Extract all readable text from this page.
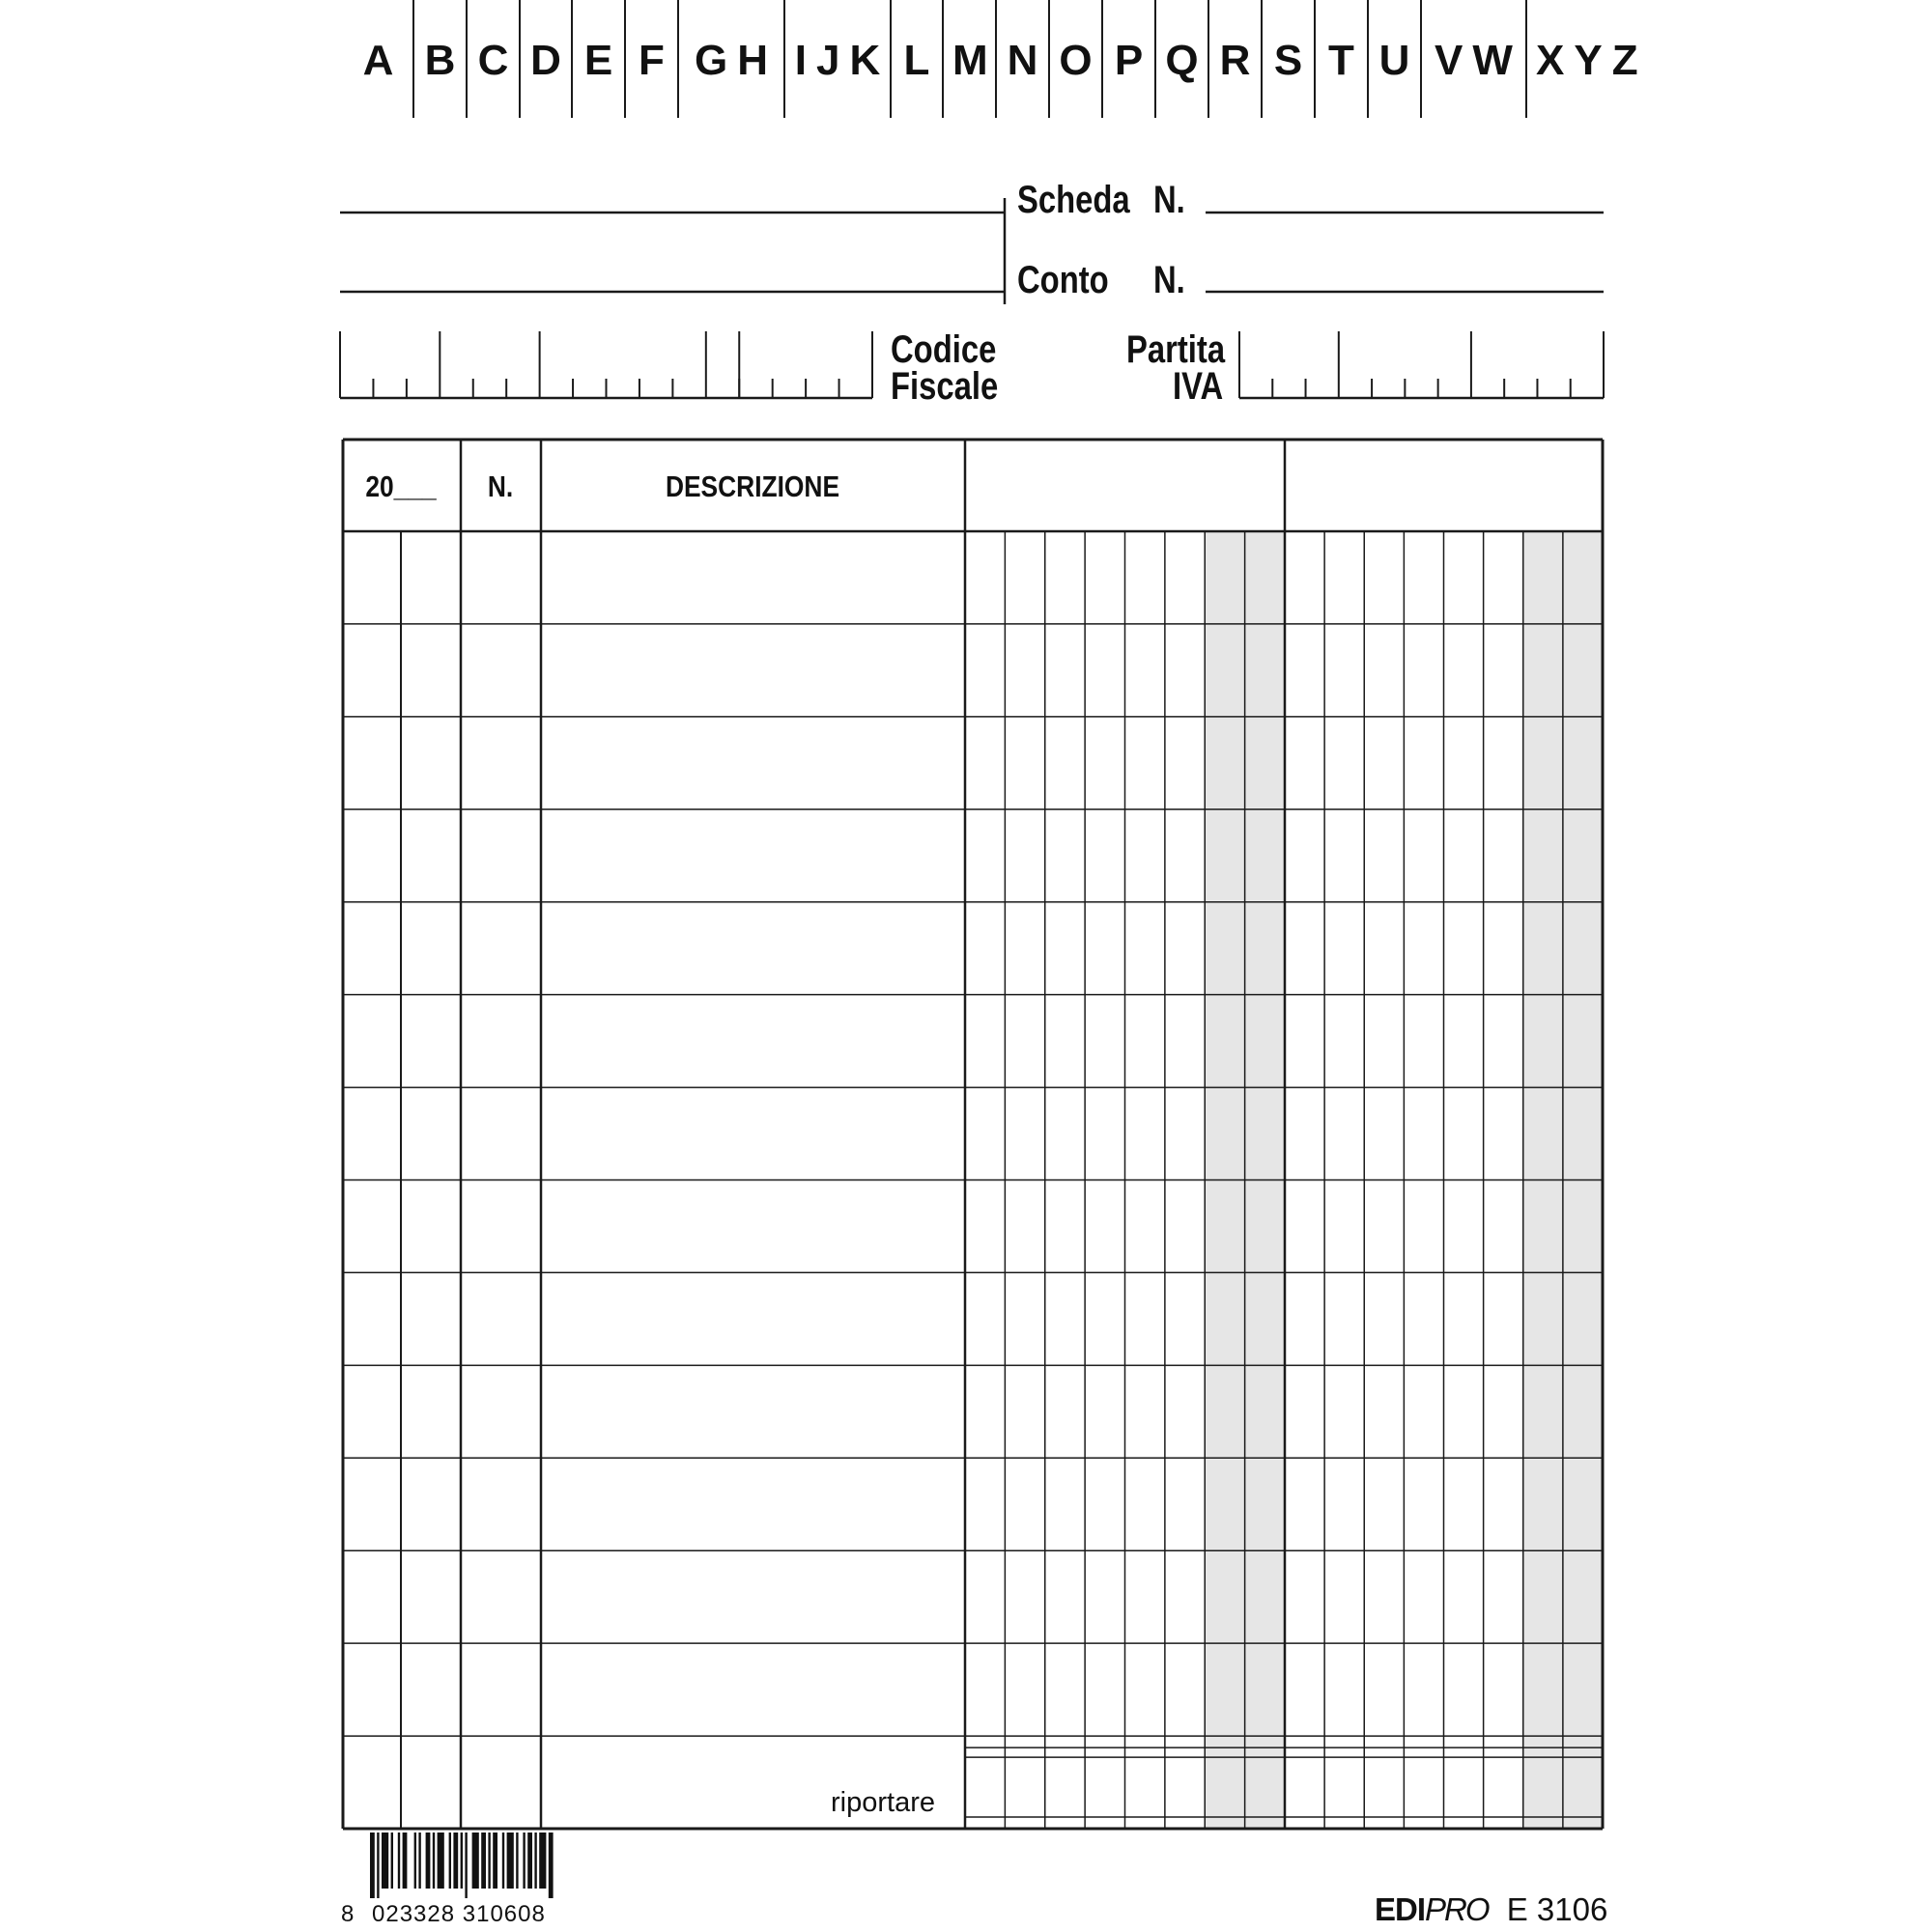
A B C D E F GH IJK L M N O P Q R S T U VW XYZ
Scheda N.
Conto N.
Codice
Fiscale
Partita
IVA
20___	N.	DESCRIZIONE
riportare
8 023328 310608	EDIPRO E 3106
